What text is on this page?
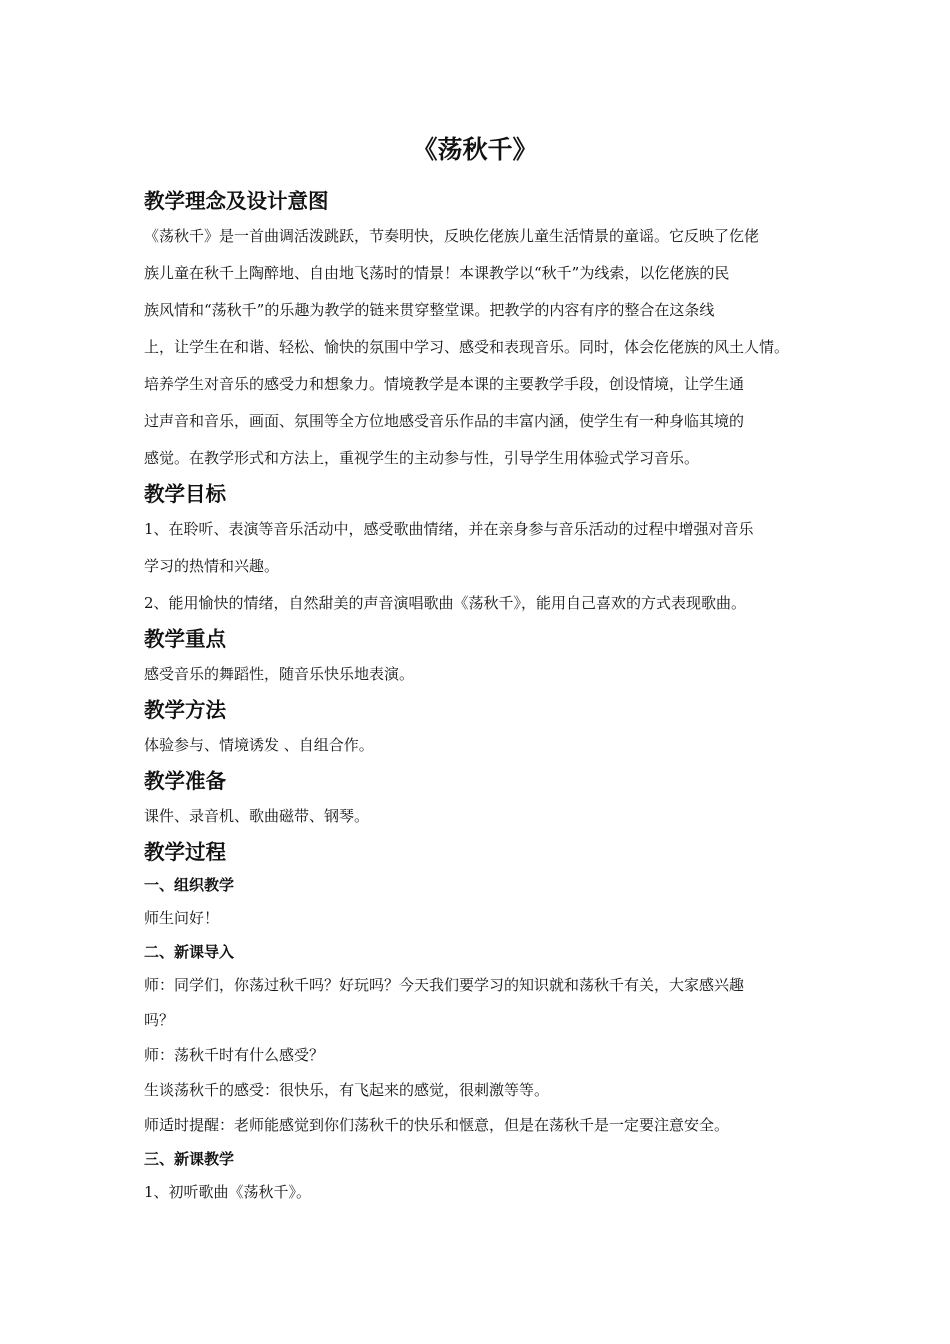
《荡秋千》
教学理念及设计意图

《荡秋千》是一首曲调活泼跳跃，节奏明快，反映仡佬族儿童生活情景的童谣。它反映了仡佬
族儿童在秋千上陶醉地、自由地飞荡时的情景！本课教学以“秋千”为线索，以仡佬族的民
族风情和“荡秋千”的乐趣为教学的链来贯穿整堂课。把教学的内容有序的整合在这条线
上，让学生在和谐、轻松、愉快的氛围中学习、感受和表现音乐。同时，体会仡佬族的风土人情。
培养学生对音乐的感受力和想象力。情境教学是本课的主要教学手段，创设情境，让学生通
过声音和音乐，画面、氛围等全方位地感受音乐作品的丰富内涵，使学生有一种身临其境的
感觉。在教学形式和方法上，重视学生的主动参与性，引导学生用体验式学习音乐。

教学目标

1、在聆听、表演等音乐活动中，感受歌曲情绪，并在亲身参与音乐活动的过程中增强对音乐
学习的热情和兴趣。
2、能用愉快的情绪，自然甜美的声音演唱歌曲《荡秋千》，能用自己喜欢的方式表现歌曲。

教学重点

感受音乐的舞蹈性，随音乐快乐地表演。

教学方法

体验参与、情境诱发 、自组合作。

教学准备

课件、录音机、歌曲磁带、钢琴。

教学过程
一、组织教学

师生问好！

二、新课导入

师：同学们，你荡过秋千吗？好玩吗？今天我们要学习的知识就和荡秋千有关，大家感兴趣
吗？
师：荡秋千时有什么感受？
生谈荡秋千的感受：很快乐，有飞起来的感觉，很刺激等等。
师适时提醒：老师能感觉到你们荡秋千的快乐和惬意，但是在荡秋千是一定要注意安全。

三、新课教学

1、初听歌曲《荡秋千》。
